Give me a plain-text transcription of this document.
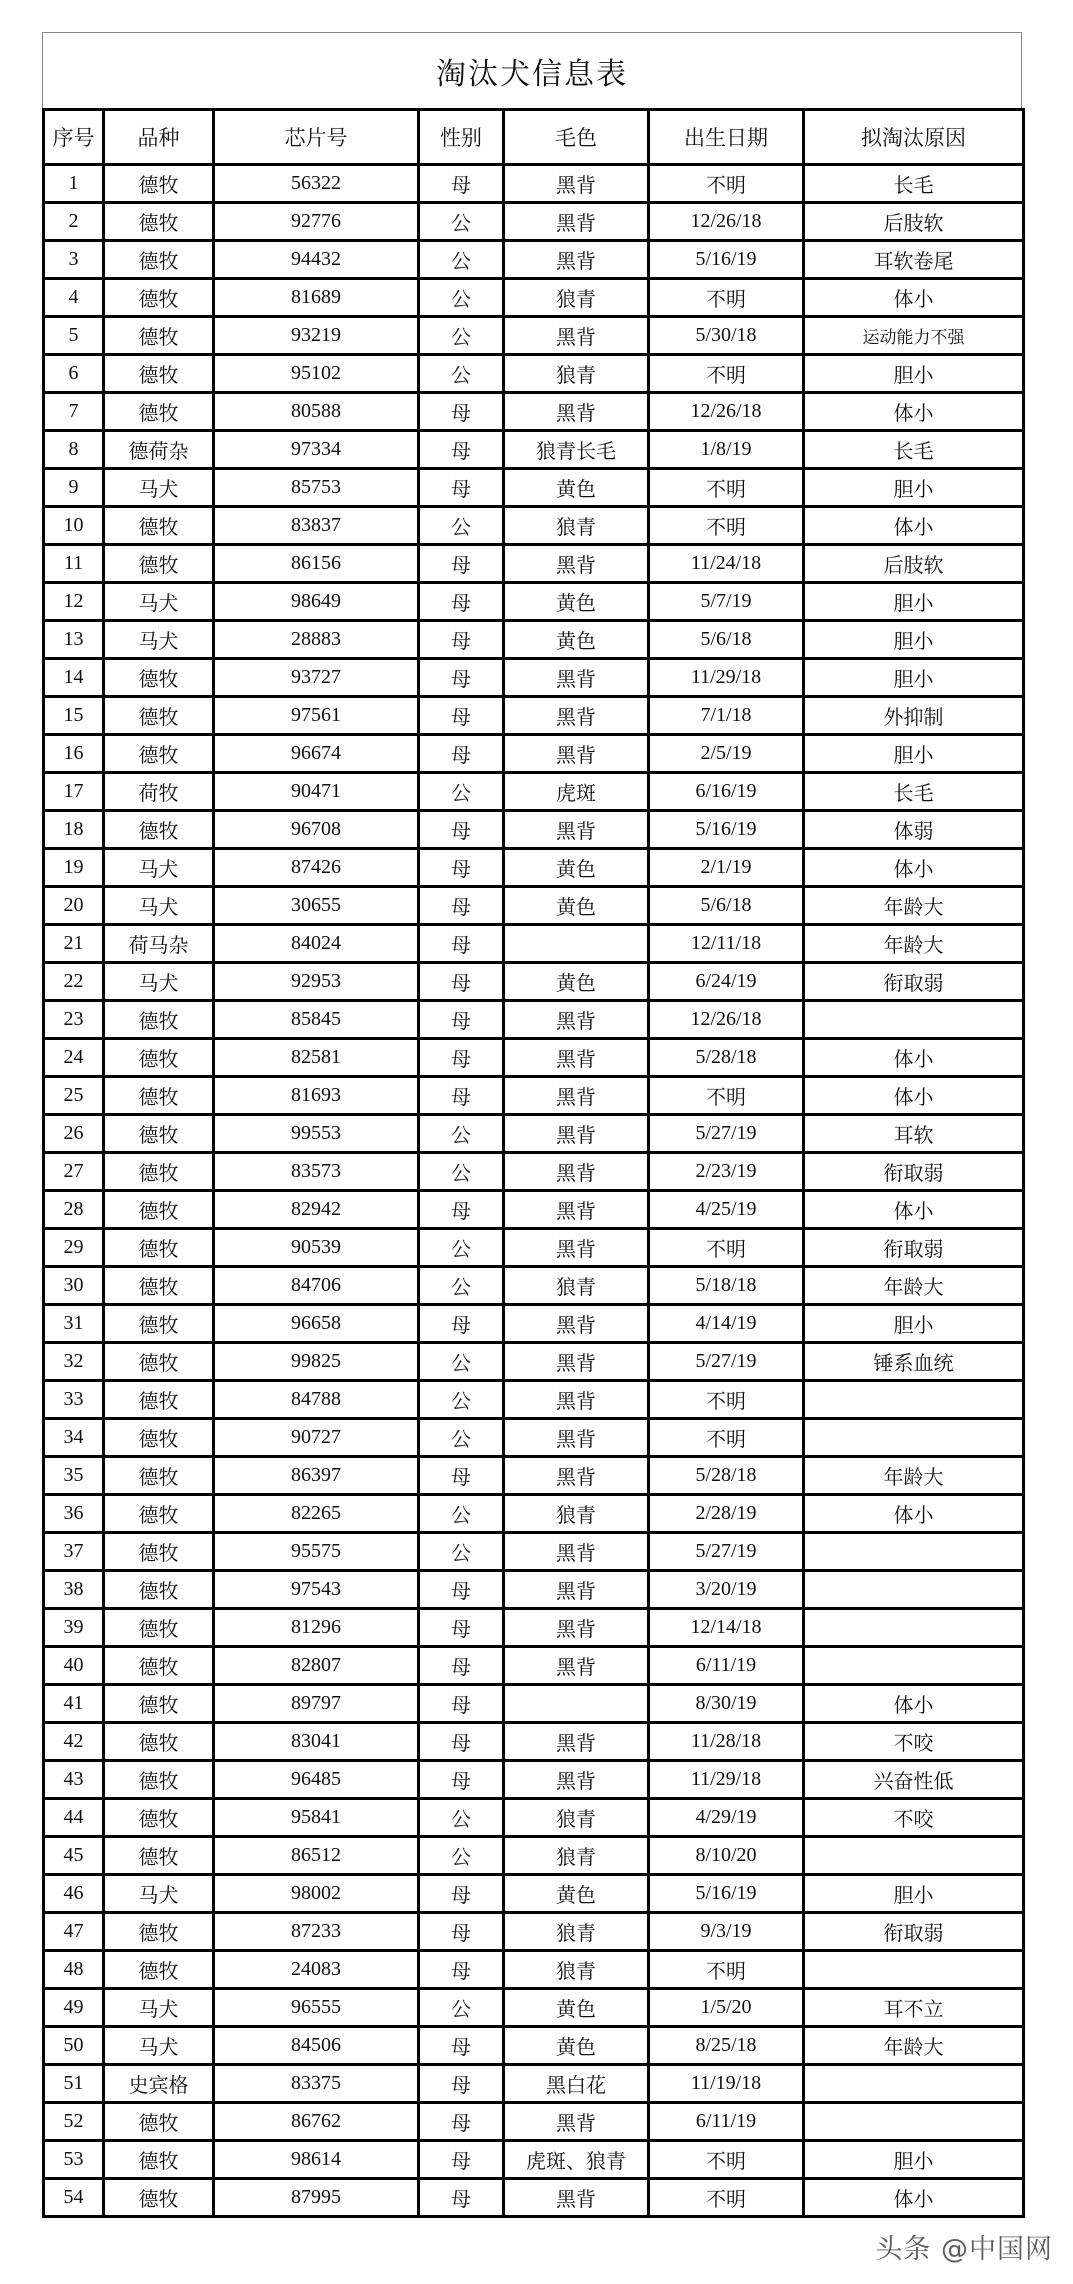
淘汰犬信息表
序号	品种	芯片号	性别	毛色	出生日期	拟淘汰原因
1	德牧	56322	母	黑背	不明	长毛
2	德牧	92776	公	黑背	12/26/18	后肢软
3	德牧	94432	公	黑背	5/16/19	耳软卷尾
4	德牧	81689	公	狼青	不明	体小
5	德牧	93219	公	黑背	5/30/18	运动能力不强
6	德牧	95102	公	狼青	不明	胆小
7	德牧	80588	母	黑背	12/26/18	体小
8	德荷杂	97334	母	狼青长毛	1/8/19	长毛
9	马犬	85753	母	黄色	不明	胆小
10	德牧	83837	公	狼青	不明	体小
11	德牧	86156	母	黑背	11/24/18	后肢软
12	马犬	98649	母	黄色	5/7/19	胆小
13	马犬	28883	母	黄色	5/6/18	胆小
14	德牧	93727	母	黑背	11/29/18	胆小
15	德牧	97561	母	黑背	7/1/18	外抑制
16	德牧	96674	母	黑背	2/5/19	胆小
17	荷牧	90471	公	虎斑	6/16/19	长毛
18	德牧	96708	母	黑背	5/16/19	体弱
19	马犬	87426	母	黄色	2/1/19	体小
20	马犬	30655	母	黄色	5/6/18	年龄大
21	荷马杂	84024	母		12/11/18	年龄大
22	马犬	92953	母	黄色	6/24/19	衔取弱
23	德牧	85845	母	黑背	12/26/18	
24	德牧	82581	母	黑背	5/28/18	体小
25	德牧	81693	母	黑背	不明	体小
26	德牧	99553	公	黑背	5/27/19	耳软
27	德牧	83573	公	黑背	2/23/19	衔取弱
28	德牧	82942	母	黑背	4/25/19	体小
29	德牧	90539	公	黑背	不明	衔取弱
30	德牧	84706	公	狼青	5/18/18	年龄大
31	德牧	96658	母	黑背	4/14/19	胆小
32	德牧	99825	公	黑背	5/27/19	锤系血统
33	德牧	84788	公	黑背	不明	
34	德牧	90727	公	黑背	不明	
35	德牧	86397	母	黑背	5/28/18	年龄大
36	德牧	82265	公	狼青	2/28/19	体小
37	德牧	95575	公	黑背	5/27/19	
38	德牧	97543	母	黑背	3/20/19	
39	德牧	81296	母	黑背	12/14/18	
40	德牧	82807	母	黑背	6/11/19	
41	德牧	89797	母		8/30/19	体小
42	德牧	83041	母	黑背	11/28/18	不咬
43	德牧	96485	母	黑背	11/29/18	兴奋性低
44	德牧	95841	公	狼青	4/29/19	不咬
45	德牧	86512	公	狼青	8/10/20	
46	马犬	98002	母	黄色	5/16/19	胆小
47	德牧	87233	母	狼青	9/3/19	衔取弱
48	德牧	24083	母	狼青	不明	
49	马犬	96555	公	黄色	1/5/20	耳不立
50	马犬	84506	母	黄色	8/25/18	年龄大
51	史宾格	83375	母	黑白花	11/19/18	
52	德牧	86762	母	黑背	6/11/19	
53	德牧	98614	母	虎斑、狼青	不明	胆小
54	德牧	87995	母	黑背	不明	体小
头条 @中国网
